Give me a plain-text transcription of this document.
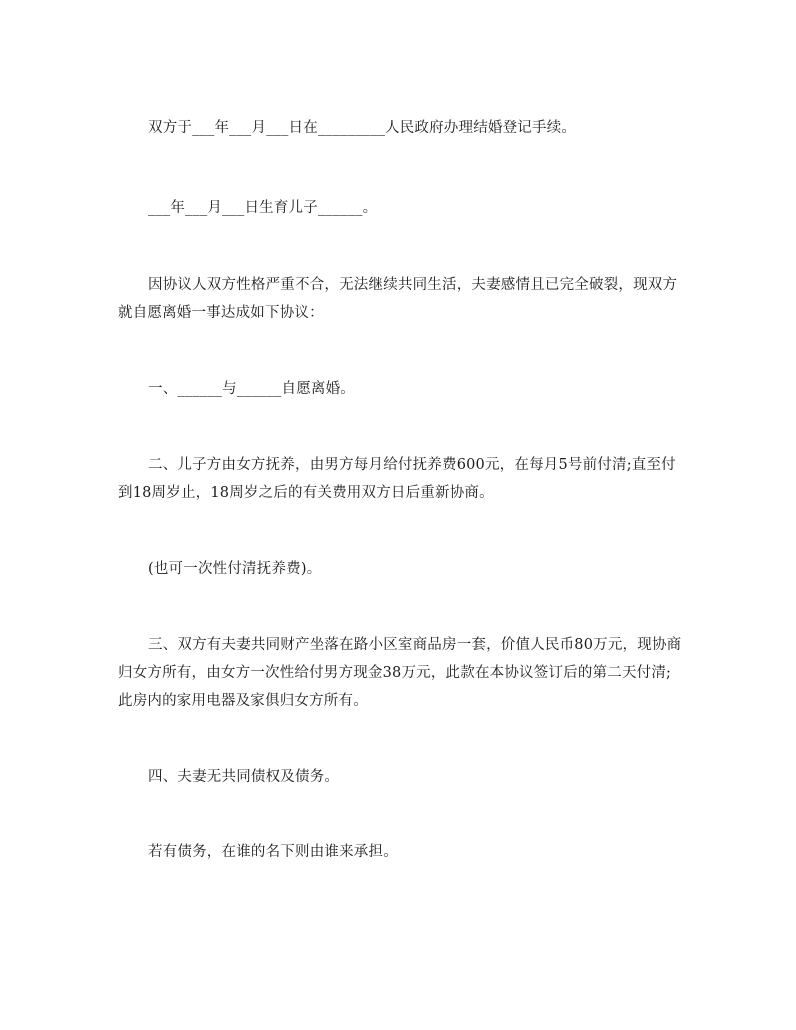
双方于___年___月___日在_________人民政府办理结婚登记手续。

___年___月___日生育儿子______。

因协议人双方性格严重不合，无法继续共同生活，夫妻感情且已完全破裂，现双方就自愿离婚一事达成如下协议：

一、______与______自愿离婚。

二、儿子方由女方抚养，由男方每月给付抚养费600元，在每月5号前付清;直至付到18周岁止，18周岁之后的有关费用双方日后重新协商。

(也可一次性付清抚养费)。

三、双方有夫妻共同财产坐落在路小区室商品房一套，价值人民币80万元，现协商归女方所有，由女方一次性给付男方现金38万元，此款在本协议签订后的第二天付清;此房内的家用电器及家俱归女方所有。

四、夫妻无共同债权及债务。

若有债务，在谁的名下则由谁来承担。
